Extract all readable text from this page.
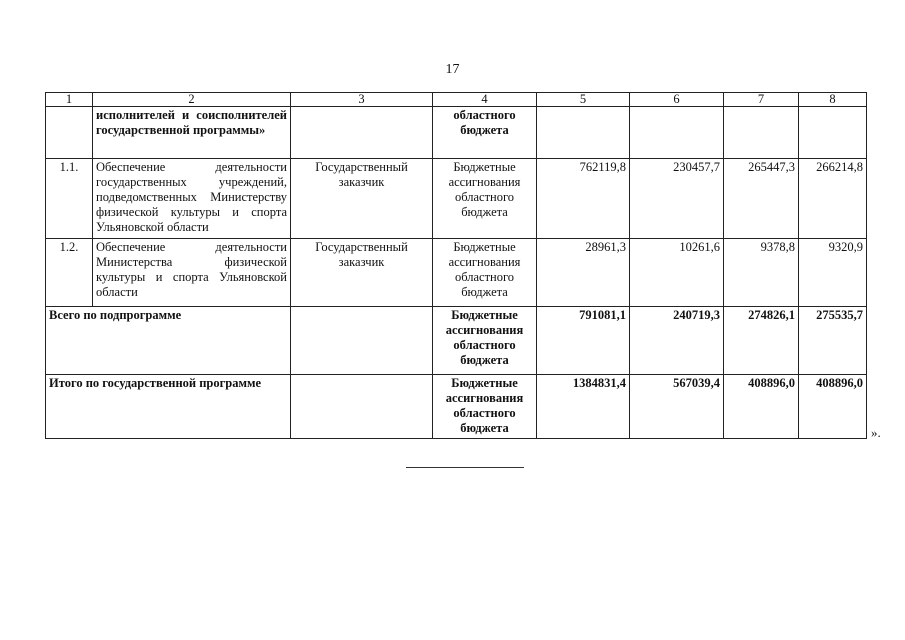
17
1	2	3	4	5	6	7	8
	исполнителей и соисполнителей государственной программы»		областного бюджета				
1.1.	Обеспечение деятельности государственных учреждений, подведомственных Министерству физической культуры и спорта Ульяновской области	Государственный заказчик	Бюджетные ассигнования областного бюджета	762119,8	230457,7	265447,3	266214,8
1.2.	Обеспечение деятельности Министерства физической культуры и спорта Ульяновской области	Государственный заказчик	Бюджетные ассигнования областного бюджета	28961,3	10261,6	9378,8	9320,9
Всего по подпрограмме			Бюджетные ассигнования областного бюджета	791081,1	240719,3	274826,1	275535,7
Итого по государственной программе			Бюджетные ассигнования областного бюджета	1384831,4	567039,4	408896,0	408896,0
».
